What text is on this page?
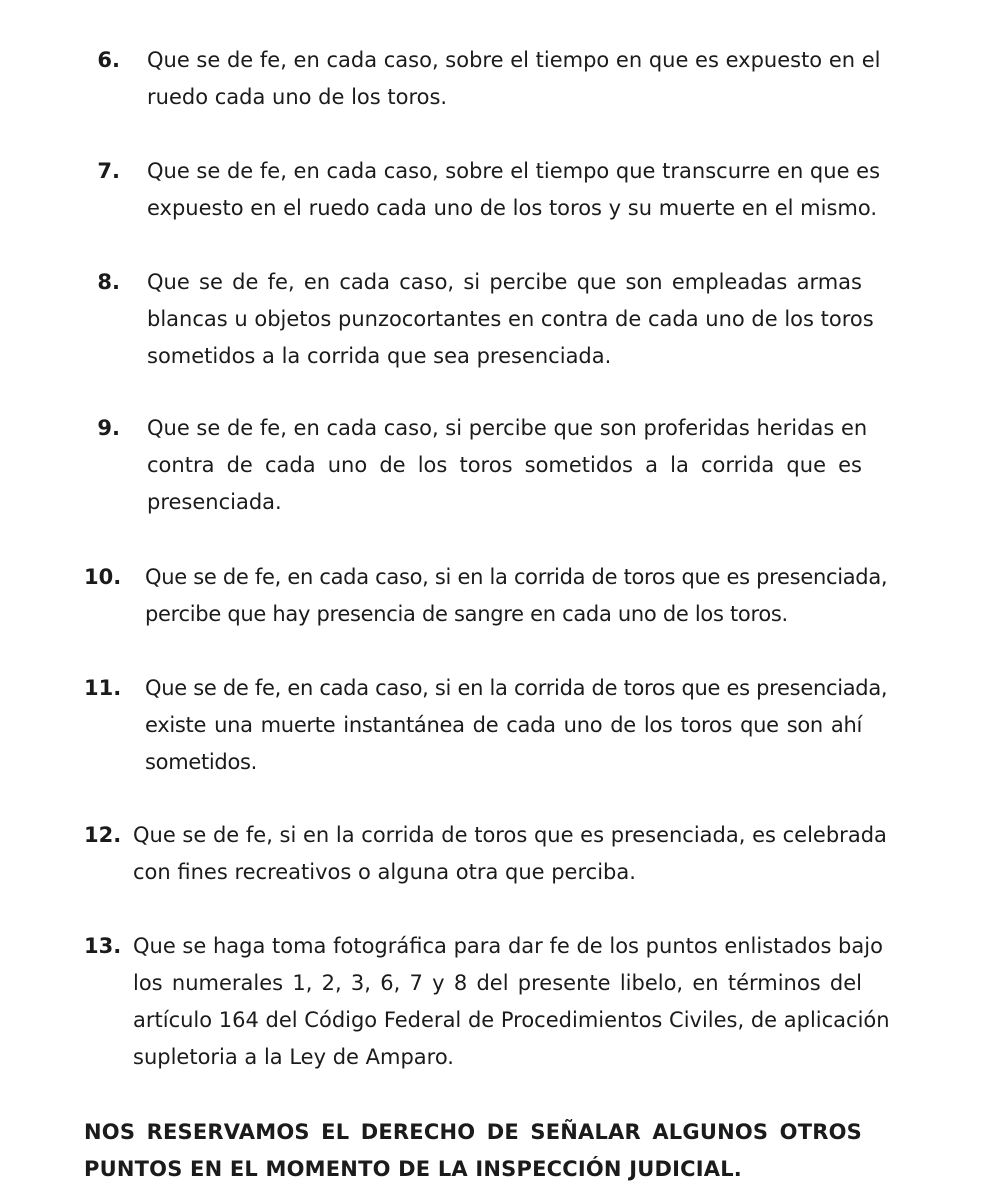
6. Que se de fe, en cada caso, sobre el tiempo en que es expuesto en el
ruedo cada uno de los toros.
7. Que se de fe, en cada caso, sobre el tiempo que transcurre en que es
expuesto en el ruedo cada uno de los toros y su muerte en el mismo.
8. Que se de fe, en cada caso, si percibe que son empleadas armas
blancas u objetos punzocortantes en contra de cada uno de los toros
sometidos a la corrida que sea presenciada.
9. Que se de fe, en cada caso, si percibe que son proferidas heridas en
contra de cada uno de los toros sometidos a la corrida que es
presenciada.
10. Que se de fe, en cada caso, si en la corrida de toros que es presenciada,
percibe que hay presencia de sangre en cada uno de los toros.
11. Que se de fe, en cada caso, si en la corrida de toros que es presenciada,
existe una muerte instantánea de cada uno de los toros que son ahí
sometidos.
12. Que se de fe, si en la corrida de toros que es presenciada, es celebrada
con fines recreativos o alguna otra que perciba.
13. Que se haga toma fotográfica para dar fe de los puntos enlistados bajo
los numerales 1, 2, 3, 6, 7 y 8 del presente libelo, en términos del
artículo 164 del Código Federal de Procedimientos Civiles, de aplicación
supletoria a la Ley de Amparo.
NOS RESERVAMOS EL DERECHO DE SEÑALAR ALGUNOS OTROS
PUNTOS EN EL MOMENTO DE LA INSPECCIÓN JUDICIAL.
